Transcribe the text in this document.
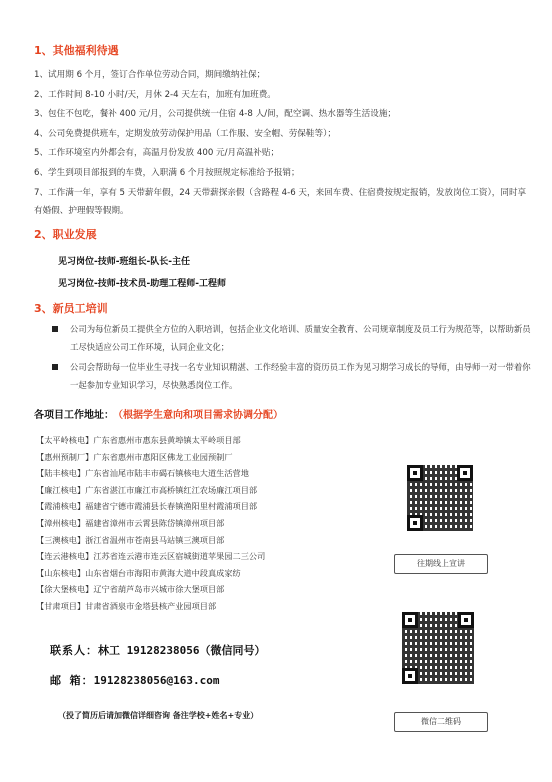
1、其他福利待遇
1、试用期 6 个月，签订合作单位劳动合同，期间缴纳社保；
2、工作时间 8-10 小时/天，月休 2-4 天左右，加班有加班费。
3、包住不包吃，餐补 400 元/月，公司提供统一住宿 4-8 人/间，配空调、热水器等生活设施；
4、公司免费提供班车，定期发放劳动保护用品（工作服、安全帽、劳保鞋等）；
5、工作环境室内外都会有，高温月份发放 400 元/月高温补贴；
6、学生到项目部报到的车费，入职满 6 个月按照规定标准给予报销；
7、工作满一年，享有 5 天带薪年假，24 天带薪探亲假（含路程 4-6 天，来回车费、住宿费按规定报销，发放岗位工资），同时享有婚假、护理假等假期。
2、职业发展
见习岗位-技师-班组长-队长-主任
见习岗位-技师-技术员-助理工程师-工程师
3、新员工培训
公司为每位新员工提供全方位的入职培训，包括企业文化培训、质量安全教育、公司规章制度及员工行为规范等，以帮助新员工尽快适应公司工作环境，认同企业文化；
公司会帮助每一位毕业生寻找一名专业知识精湛、工作经验丰富的资历员工作为见习期学习成长的导师，由导师一对一带着你一起参加专业知识学习，尽快熟悉岗位工作。
各项目工作地址： （根据学生意向和项目需求协调分配）
【太平岭核电】广东省惠州市惠东县黄埠镇太平岭项目部
【惠州预制厂】广东省惠州市惠阳区佛龙工业园预制厂
【陆丰核电】广东省汕尾市陆丰市碣石镇核电大道生活营地
【廉江核电】广东省湛江市廉江市高桥镇红江农场廉江项目部
【霞浦核电】福建省宁德市霞浦县长春镇渔阳里村霞浦项目部
【漳州核电】福建省漳州市云霄县陈岱镇漳州项目部
【三澳核电】浙江省温州市苍南县马站镇三澳项目部
【连云港核电】江苏省连云港市连云区宿城街道苹果园二三公司
【山东核电】山东省烟台市海阳市黄海大道中段真成家纺
【徐大堡核电】辽宁省葫芦岛市兴城市徐大堡项目部
【甘肃项目】甘肃省酒泉市金塔县核产业园项目部
往期线上宣讲
微信二维码
联系人：林工 19128238056（微信同号）
邮 箱：19128238056@163.com
（投了简历后请加微信详细咨询 备注学校+姓名+专业）
